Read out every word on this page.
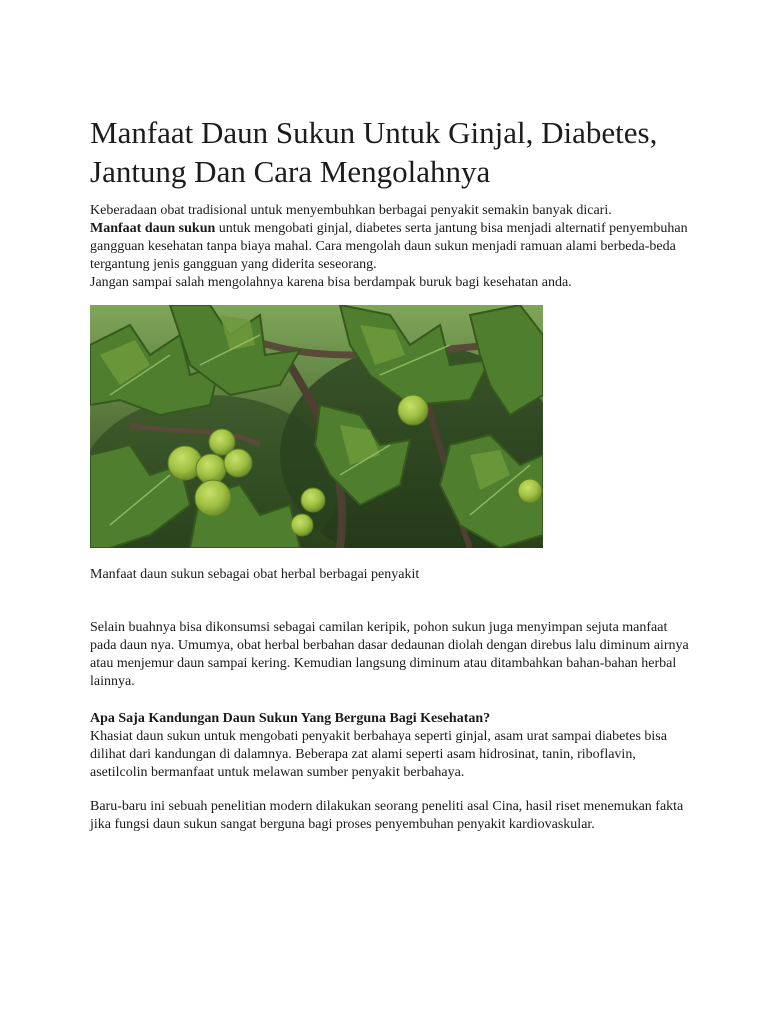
Manfaat Daun Sukun Untuk Ginjal, Diabetes, Jantung Dan Cara Mengolahnya

Keberadaan obat tradisional untuk menyembuhkan berbagai penyakit semakin banyak dicari.
Manfaat daun sukun untuk mengobati ginjal, diabetes serta jantung bisa menjadi alternatif penyembuhan gangguan kesehatan tanpa biaya mahal. Cara mengolah daun sukun menjadi ramuan alami berbeda-beda tergantung jenis gangguan yang diderita seseorang.
Jangan sampai salah mengolahnya karena bisa berdampak buruk bagi kesehatan anda.

Manfaat daun sukun sebagai obat herbal berbagai penyakit

Selain buahnya bisa dikonsumsi sebagai camilan keripik, pohon sukun juga menyimpan sejuta manfaat pada daun nya. Umumya, obat herbal berbahan dasar dedaunan diolah dengan direbus lalu diminum airnya atau menjemur daun sampai kering. Kemudian langsung diminum atau ditambahkan bahan-bahan herbal lainnya.

Apa Saja Kandungan Daun Sukun Yang Berguna Bagi Kesehatan?

Khasiat daun sukun untuk mengobati penyakit berbahaya seperti ginjal, asam urat sampai diabetes bisa dilihat dari kandungan di dalamnya. Beberapa zat alami seperti asam hidrosinat, tanin, riboflavin, asetilcolin bermanfaat untuk melawan sumber penyakit berbahaya.

Baru-baru ini sebuah penelitian modern dilakukan seorang peneliti asal Cina, hasil riset menemukan fakta jika fungsi daun sukun sangat berguna bagi proses penyembuhan penyakit kardiovaskular.
